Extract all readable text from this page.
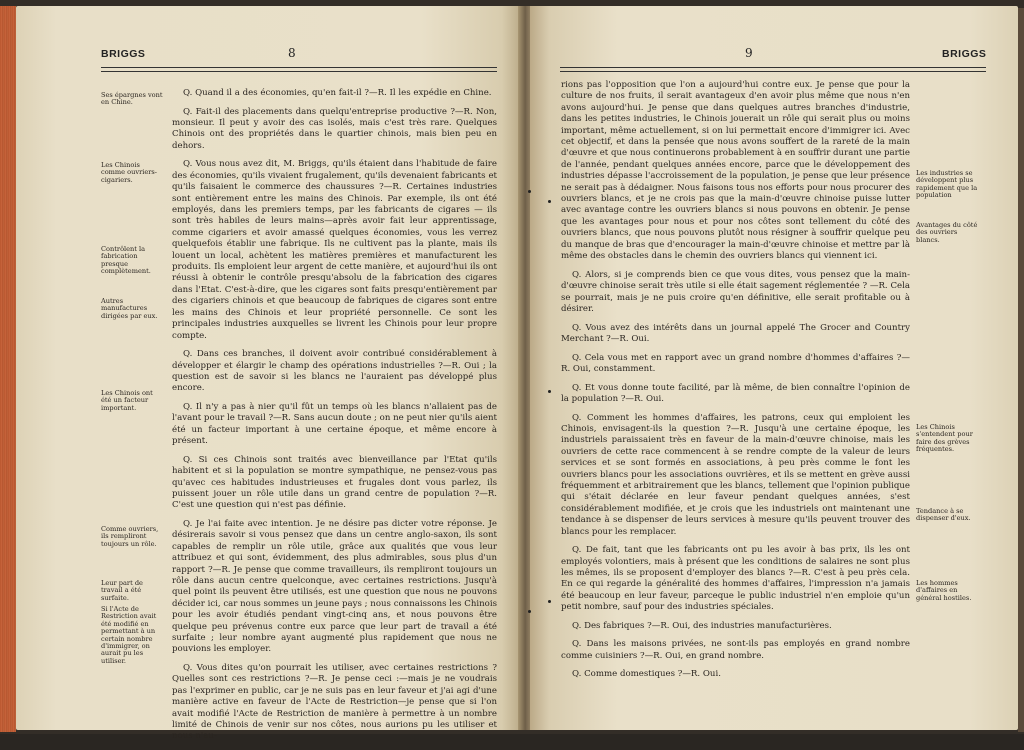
BRIGGS	8
Ses épargnes vont en Chine.
Les Chinois comme ouvriers-cigariers.
Contrôlent la fabrication presque complètement.
Autres manufactures dirigées par eux.
Les Chinois ont été un facteur important.
Comme ouvriers, ils rempliront toujours un rôle.
Leur part de travail a été surfaite.
Si l'Acte de Restriction avait été modifié en permettant à un certain nombre d'immigrer, on aurait pu les utiliser.

Q. Quand il a des économies, qu'en fait-il ?—R. Il les expédie en Chine.

Q. Fait-il des placements dans quelqu'entreprise productive ?—R. Non, monsieur. Il peut y avoir des cas isolés, mais c'est très rare. Quelques Chinois ont des propriétés dans le quartier chinois, mais bien peu en dehors.

Q. Vous nous avez dit, M. Briggs, qu'ils étaient dans l'habitude de faire des économies, qu'ils vivaient frugalement, qu'ils devenaient fabricants et qu'ils faisaient le commerce des chaussures ?—R. Certaines industries sont entièrement entre les mains des Chinois. Par exemple, ils ont été employés, dans les premiers temps, par les fabricants de cigares — ils sont très habiles de leurs mains—après avoir fait leur apprentissage, comme cigariers et avoir amassé quelques économies, vous les verrez quelquefois établir une fabrique. Ils ne cultivent pas la plante, mais ils louent un local, achètent les matières premières et manufacturent les produits. Ils emploient leur argent de cette manière, et aujourd'hui ils ont réussi à obtenir le contrôle presqu'absolu de la fabrication des cigares dans l'Etat. C'est-à-dire, que les cigares sont faits presqu'entièrement par des cigariers chinois et que beaucoup de fabriques de cigares sont entre les mains des Chinois et leur propriété personnelle. Ce sont les principales industries auxquelles se livrent les Chinois pour leur propre compte.

Q. Dans ces branches, il doivent avoir contribué considérablement à développer et élargir le champ des opérations industrielles ?—R. Oui ; la question est de savoir si les blancs ne l'auraient pas développé plus encore.

Q. Il n'y a pas à nier qu'il fût un temps où les blancs n'allaient pas de l'avant pour le travail ?—R. Sans aucun doute ; on ne peut nier qu'ils aient été un facteur important à une certaine époque, et même encore à présent.

Q. Si ces Chinois sont traités avec bienveillance par l'Etat qu'ils habitent et si la population se montre sympathique, ne pensez-vous pas qu'avec ces habitudes industrieuses et frugales dont vous parlez, ils puissent jouer un rôle utile dans un grand centre de population ?—R. C'est une question qui n'est pas définie.

Q. Je l'ai faite avec intention. Je ne désire pas dicter votre réponse. Je désirerais savoir si vous pensez que dans un centre anglo-saxon, ils sont capables de remplir un rôle utile, grâce aux qualités que vous leur attribuez et qui sont, évidemment, des plus admirables, sous plus d'un rapport ?—R. Je pense que comme travailleurs, ils rempliront toujours un rôle dans aucun centre quelconque, avec certaines restrictions. Jusqu'à quel point ils peuvent être utilisés, est une question que nous ne pouvons décider ici, car nous sommes un jeune pays ; nous connaissons les Chinois pour les avoir étudiés pendant vingt-cinq ans, et nous pouvons être quelque peu prévenus contre eux parce que leur part de travail a été surfaite ; leur nombre ayant augmenté plus rapidement que nous ne pouvions les employer.

Q. Vous dites qu'on pourrait les utiliser, avec certaines restrictions ? Quelles sont ces restrictions ?—R. Je pense ceci :—mais je ne voudrais pas l'exprimer en public, car je ne suis pas en leur faveur et j'ai agi d'une manière active en faveur de l'Acte de Restriction—je pense que si l'on avait modifié l'Acte de Restriction de manière à permettre à un nombre limité de Chinois de venir sur nos côtes, nous aurions pu les utiliser et nous n'au-

9	BRIGGS

rions pas l'opposition que l'on a aujourd'hui contre eux. Je pense que pour la culture de nos fruits, il serait avantageux d'en avoir plus même que nous n'en avons aujourd'hui. Je pense que dans quelques autres branches d'industrie, dans les petites industries, le Chinois jouerait un rôle qui serait plus ou moins important, même actuellement, si on lui permettait encore d'immigrer ici. Avec cet objectif, et dans la pensée que nous avons souffert de la rareté de la main d'œuvre et que nous continuerons probablement à en souffrir durant une partie de l'année, pendant quelques années encore, parce que le développement des industries dépasse l'accroissement de la population, je pense que leur présence ne serait pas à dédaigner. Nous faisons tous nos efforts pour nous procurer des ouvriers blancs, et je ne crois pas que la main-d'œuvre chinoise puisse lutter avec avantage contre les ouvriers blancs si nous pouvons en obtenir. Je pense que les avantages pour nous et pour nos côtes sont tellement du côté des ouvriers blancs, que nous pouvons plutôt nous résigner à souffrir quelque peu du manque de bras que d'encourager la main-d'œuvre chinoise et mettre par là même des obstacles dans le chemin des ouvriers blancs qui viennent ici.

Q. Alors, si je comprends bien ce que vous dites, vous pensez que la main-d'œuvre chinoise serait très utile si elle était sagement réglementée ? —R. Cela se pourrait, mais je ne puis croire qu'en définitive, elle serait profitable ou à désirer.

Q. Vous avez des intérêts dans un journal appelé The Grocer and Country Merchant ?—R. Oui.

Q. Cela vous met en rapport avec un grand nombre d'hommes d'affaires ?—R. Oui, constamment.

Q. Et vous donne toute facilité, par là même, de bien connaître l'opinion de la population ?—R. Oui.

Q. Comment les hommes d'affaires, les patrons, ceux qui emploient les Chinois, envisagent-ils la question ?—R. Jusqu'à une certaine époque, les industriels paraissaient très en faveur de la main-d'œuvre chinoise, mais les ouvriers de cette race commencent à se rendre compte de la valeur de leurs services et se sont formés en associations, à peu près comme le font les ouvriers blancs pour les associations ouvrières, et ils se mettent en grève aussi fréquemment et arbitrairement que les blancs, tellement que l'opinion publique qui s'était déclarée en leur faveur pendant quelques années, s'est considérablement modifiée, et je crois que les industriels ont maintenant une tendance à se dispenser de leurs services à mesure qu'ils peuvent trouver des blancs pour les remplacer.

Q. De fait, tant que les fabricants ont pu les avoir à bas prix, ils les ont employés volontiers, mais à présent que les conditions de salaires ne sont plus les mêmes, ils se proposent d'employer des blancs ?—R. C'est à peu près cela. En ce qui regarde la généralité des hommes d'affaires, l'impression n'a jamais été beaucoup en leur faveur, parceque le public industriel n'en emploie qu'un petit nombre, sauf pour des industries spéciales.

Q. Des fabriques ?—R. Oui, des industries manufacturières.

Q. Dans les maisons privées, ne sont-ils pas employés en grand nombre comme cuisiniers ?—R. Oui, en grand nombre.

Q. Comme domestiques ?—R. Oui.

Les industries se développent plus rapidement que la population
Avantages du côté des ouvriers blancs.
Les Chinois s'entendent pour faire des grèves fréquentes.
Tendance à se dispenser d'eux.
Les hommes d'affaires en général hostiles.
